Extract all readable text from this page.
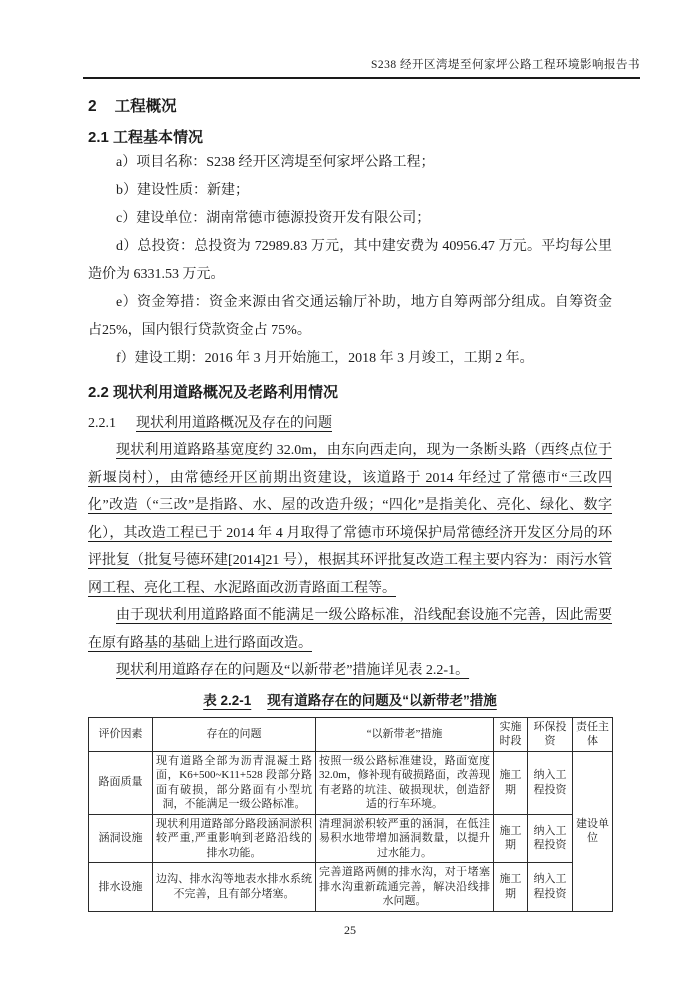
S238 经开区湾堤至何家坪公路工程环境影响报告书

2 工程概况

2.1 工程基本情况

a）项目名称：S238 经开区湾堤至何家坪公路工程；

b）建设性质：新建；

c）建设单位：湖南常德市德源投资开发有限公司；

d）总投资：总投资为 72989.83 万元，其中建安费为 40956.47 万元。平均每公里造价为 6331.53 万元。

e）资金筹措：资金来源由省交通运输厅补助，地方自筹两部分组成。自筹资金占25%，国内银行贷款资金占 75%。

f）建设工期：2016 年 3 月开始施工，2018 年 3 月竣工，工期 2 年。

2.2 现状利用道路概况及老路利用情况

2.2.1 现状利用道路概况及存在的问题

现状利用道路路基宽度约 32.0m，由东向西走向，现为一条断头路（西终点位于新堰岗村），由常德经开区前期出资建设，该道路于 2014 年经过了常德市“三改四化”改造（“三改”是指路、水、屋的改造升级；“四化”是指美化、亮化、绿化、数字化），其改造工程已于 2014 年 4 月取得了常德市环境保护局常德经济开发区分局的环评批复（批复号德环建[2014]21 号），根据其环评批复改造工程主要内容为：雨污水管网工程、亮化工程、水泥路面改沥青路面工程等。

由于现状利用道路路面不能满足一级公路标准，沿线配套设施不完善，因此需要在原有路基的基础上进行路面改造。

现状利用道路存在的问题及“以新带老”措施详见表 2.2-1。

表 2.2-1 现有道路存在的问题及“以新带老”措施

评价因素	存在的问题	“以新带老”措施	实施时段	环保投资	责任主体
路面质量	现有道路全部为沥青混凝土路面，K6+500~K11+528 段部分路面有破损，部分路面有小型坑洞，不能满足一级公路标准。	按照一级公路标准建设，路面宽度 32.0m，修补现有破损路面，改善现有老路的坑洼、破损现状，创造舒适的行车环境。	施工期	纳入工程投资	建设单位
涵洞设施	现状利用道路部分路段涵洞淤积较严重,严重影响到老路沿线的排水功能。	清理洞淤积较严重的涵洞，在低洼易积水地带增加涵洞数量，以提升过水能力。	施工期	纳入工程投资	
排水设施	边沟、排水沟等地表水排水系统不完善，且有部分堵塞。	完善道路两侧的排水沟，对于堵塞排水沟重新疏通完善，解决沿线排水问题。	施工期	纳入工程投资	
25
